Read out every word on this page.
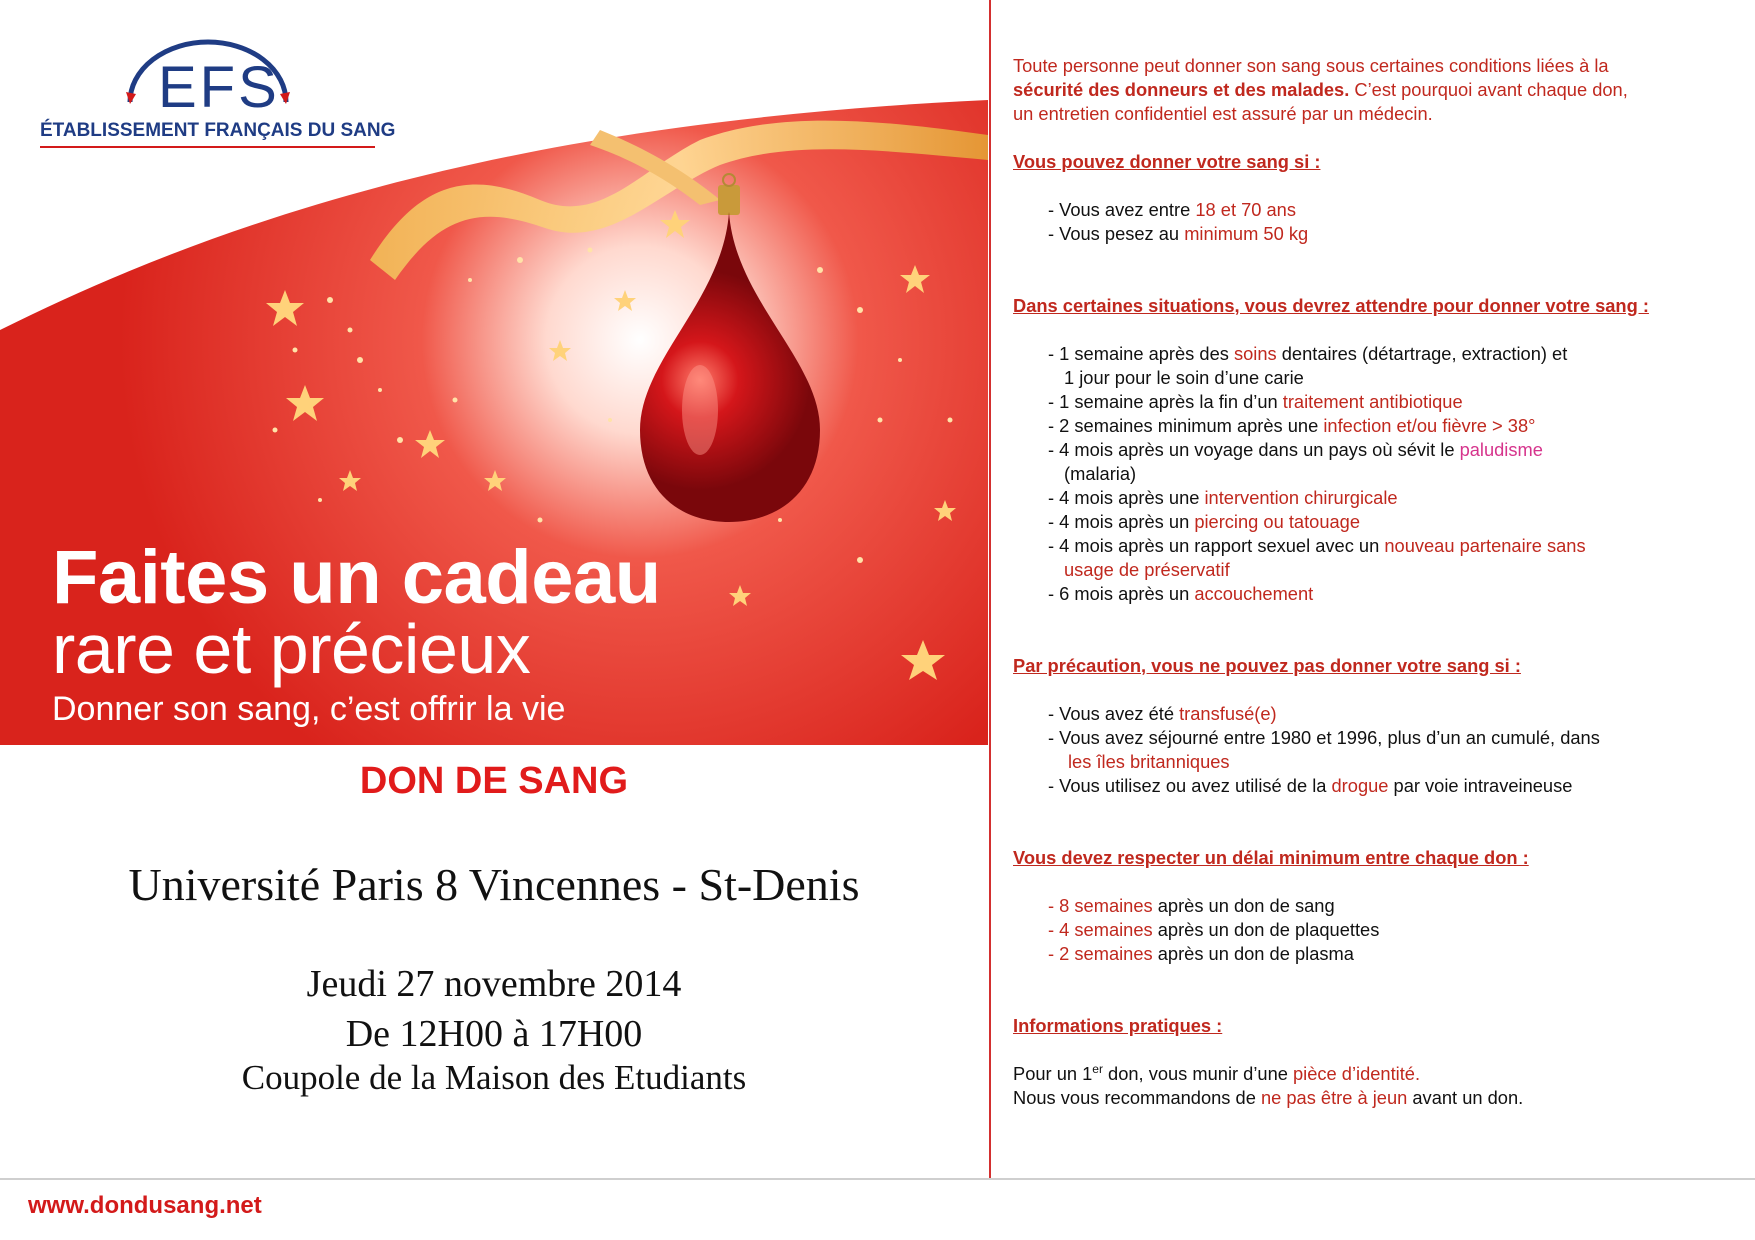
EFS
ÉTABLISSEMENT FRANÇAIS DU SANG
Faites un cadeau
rare et précieux
Donner son sang, c’est offrir la vie
DON DE SANG
Université Paris 8 Vincennes - St-Denis
Jeudi 27 novembre 2014
De 12H00 à 17H00
Coupole de la Maison des Etudiants
www.dondusang.net

Toute personne peut donner son sang sous certaines conditions liées à la

sécurité des donneurs et des malades. C’est pourquoi avant chaque don,

un entretien confidentiel est assuré par un médecin.

Vous pouvez donner votre sang si :

- Vous avez entre 18 et 70 ans
- Vous pesez au minimum 50 kg

Dans certaines situations, vous devrez attendre pour donner votre sang :

- 1 semaine après des soins dentaires (détartrage, extraction) et
1 jour pour le soin d’une carie
- 1 semaine après la fin d’un traitement antibiotique
- 2 semaines minimum après une infection et/ou fièvre > 38°
- 4 mois après un voyage dans un pays où sévit le paludisme
(malaria)
- 4 mois après une intervention chirurgicale
- 4 mois après un piercing ou tatouage
- 4 mois après un rapport sexuel avec un nouveau partenaire sans
usage de préservatif
- 6 mois après un accouchement

Par précaution, vous ne pouvez pas donner votre sang si :

- Vous avez été transfusé(e)
- Vous avez séjourné entre 1980 et 1996, plus d’un an cumulé, dans
les îles britanniques
- Vous utilisez ou avez utilisé de la drogue par voie intraveineuse

Vous devez respecter un délai minimum entre chaque don :

- 8 semaines après un don de sang
- 4 semaines après un don de plaquettes
- 2 semaines après un don de plasma

Informations pratiques :

Pour un 1er don, vous munir d’une pièce d’identité.

Nous vous recommandons de ne pas être à jeun avant un don.
